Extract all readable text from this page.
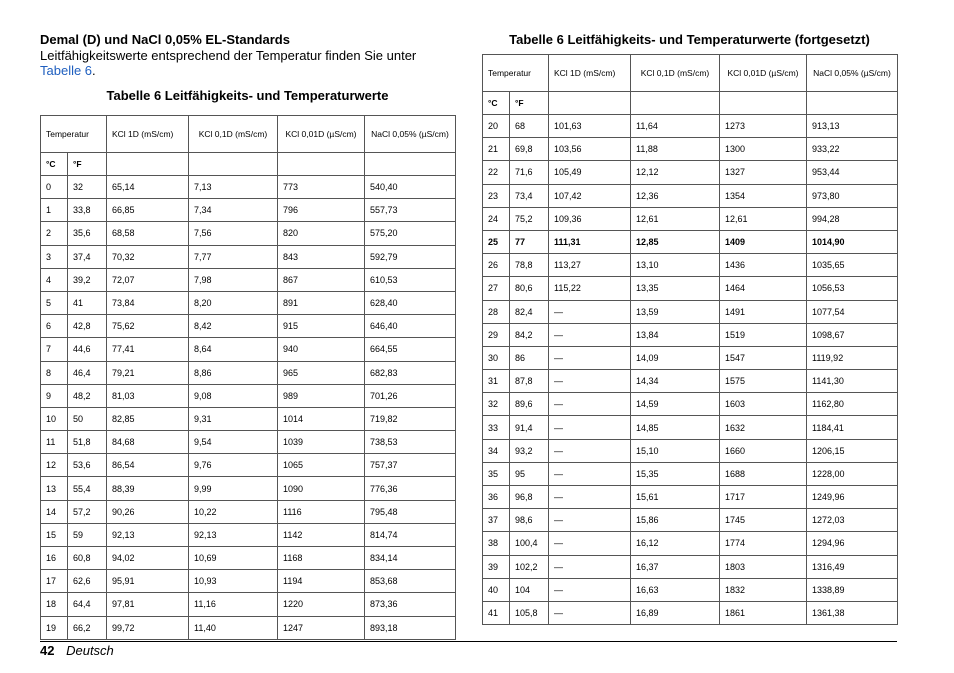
Demal (D) und NaCl 0,05% EL-Standards

Leitfähigkeitswerte entsprechend der Temperatur finden Sie unter
Tabelle 6.

Tabelle 6 Leitfähigkeits- und Temperaturwerte

Temperatur		KCl 1D (mS/cm)	KCl 0,1D (mS/cm)	KCl 0,01D (µS/cm)	NaCl 0,05% (µS/cm)
°C	°F				
0	32	65,14	7,13	773	540,40
1	33,8	66,85	7,34	796	557,73
2	35,6	68,58	7,56	820	575,20
3	37,4	70,32	7,77	843	592,79
4	39,2	72,07	7,98	867	610,53
5	41	73,84	8,20	891	628,40
6	42,8	75,62	8,42	915	646,40
7	44,6	77,41	8,64	940	664,55
8	46,4	79,21	8,86	965	682,83
9	48,2	81,03	9,08	989	701,26
10	50	82,85	9,31	1014	719,82
11	51,8	84,68	9,54	1039	738,53
12	53,6	86,54	9,76	1065	757,37
13	55,4	88,39	9,99	1090	776,36
14	57,2	90,26	10,22	1116	795,48
15	59	92,13	92,13	1142	814,74
16	60,8	94,02	10,69	1168	834,14
17	62,6	95,91	10,93	1194	853,68
18	64,4	97,81	11,16	1220	873,36
19	66,2	99,72	11,40	1247	893,18

Tabelle 6 Leitfähigkeits- und Temperaturwerte (fortgesetzt)

Temperatur		KCl 1D (mS/cm)	KCl 0,1D (mS/cm)	KCl 0,01D (µS/cm)	NaCl 0,05% (µS/cm)
°C	°F				
20	68	101,63	11,64	1273	913,13
21	69,8	103,56	11,88	1300	933,22
22	71,6	105,49	12,12	1327	953,44
23	73,4	107,42	12,36	1354	973,80
24	75,2	109,36	12,61	12,61	994,28
25	77	111,31	12,85	1409	1014,90
26	78,8	113,27	13,10	1436	1035,65
27	80,6	115,22	13,35	1464	1056,53
28	82,4	—	13,59	1491	1077,54
29	84,2	—	13,84	1519	1098,67
30	86	—	14,09	1547	1119,92
31	87,8	—	14,34	1575	1141,30
32	89,6	—	14,59	1603	1162,80
33	91,4	—	14,85	1632	1184,41
34	93,2	—	15,10	1660	1206,15
35	95	—	15,35	1688	1228,00
36	96,8	—	15,61	1717	1249,96
37	98,6	—	15,86	1745	1272,03
38	100,4	—	16,12	1774	1294,96
39	102,2	—	16,37	1803	1316,49
40	104	—	16,63	1832	1338,89
41	105,8	—	16,89	1861	1361,38
42 Deutsch
